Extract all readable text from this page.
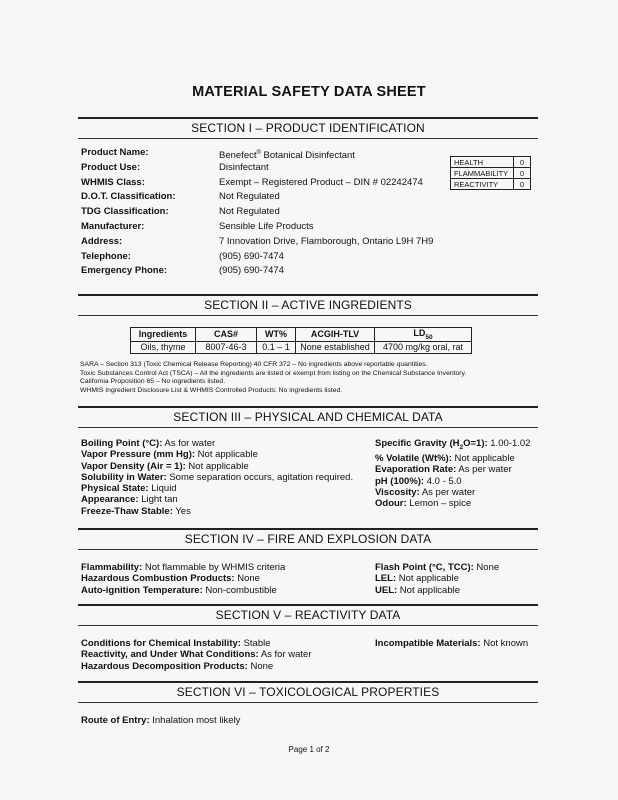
MATERIAL SAFETY DATA SHEET
SECTION I – PRODUCT IDENTIFICATION
Product Name:	Benefect® Botanical Disinfectant
Product Use:	Disinfectant
WHMIS Class:	Exempt – Registered Product – DIN # 02242474
D.O.T. Classification:	Not Regulated
TDG Classification:	Not Regulated
Manufacturer:	Sensible Life Products
Address:	7 Innovation Drive, Flamborough, Ontario L9H 7H9
Telephone:	(905) 690-7474
Emergency Phone:	(905) 690-7474
HEALTH	0
FLAMMABILITY	0
REACTIVITY	0
SECTION II – ACTIVE INGREDIENTS
Ingredients	CAS#	WT%	ACGIH-TLV	$LD_{50}$
Oils, thyme	8007-46-3	0.1 – 1	None established	4700 mg/kg oral, rat
SARA – Section 313 (Toxic Chemical Release Reporting) 40 CFR 372 – No ingredients above reportable quantities.
Toxic Substances Control Act (TSCA) – All the ingredients are listed or exempt from listing on the Chemical Substance Inventory.
California Proposition 65 – No ingredients listed.
WHMIS Ingredient Disclosure List & WHMIS Controlled Products: No ingredients listed.
SECTION III – PHYSICAL AND CHEMICAL DATA
Boiling Point (°C): As for water
Vapor Pressure (mm Hg): Not applicable
Vapor Density (Air = 1): Not applicable
Solubility in Water: Some separation occurs, agitation required.
Physical State: Liquid
Appearance: Light tan
Freeze-Thaw Stable: Yes
Specific Gravity $(H_2O=1)$: 1.00-1.02
% Volatile (Wt%): Not applicable
Evaporation Rate: As per water
pH (100%): 4.0 - 5.0
Viscosity: As per water
Odour: Lemon – spice
SECTION IV – FIRE AND EXPLOSION DATA
Flammability: Not flammable by WHMIS criteria
Hazardous Combustion Products: None
Auto-ignition Temperature: Non-combustible
Flash Point (°C, TCC): None
LEL: Not applicable
UEL: Not applicable
SECTION V – REACTIVITY DATA
Conditions for Chemical Instability: Stable
Reactivity, and Under What Conditions: As for water
Hazardous Decomposition Products: None
Incompatible Materials: Not known
SECTION VI – TOXICOLOGICAL PROPERTIES
Route of Entry: Inhalation most likely
Page 1 of 2
